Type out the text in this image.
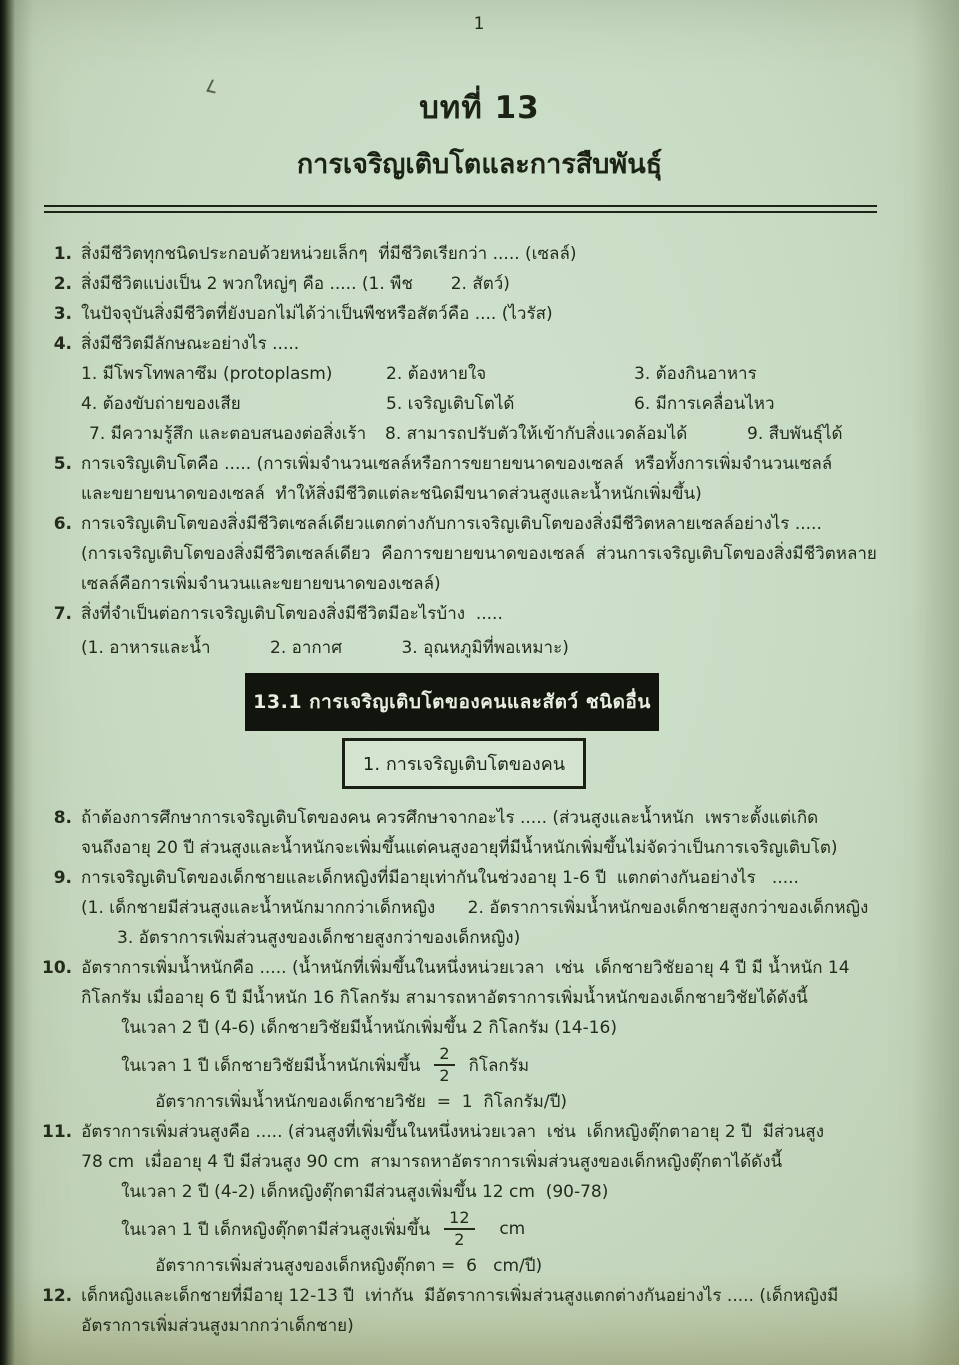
1
บทที่ 13
การเจริญเติบโตและการสืบพันธุ์
1. สิ่งมีชีวิตทุกชนิดประกอบด้วยหน่วยเล็กๆ  ที่มีชีวิตเรียกว่า ..... (เซลล์)
2. สิ่งมีชีวิตแบ่งเป็น 2 พวกใหญ่ๆ คือ ..... (1. พืช       2. สัตว์)
3. ในปัจจุบันสิ่งมีชีวิตที่ยังบอกไม่ได้ว่าเป็นพืชหรือสัตว์คือ .... (ไวรัส)
4. สิ่งมีชีวิตมีลักษณะอย่างไร .....
1. มีโพรโทพลาซึม (protoplasm)	2. ต้องหายใจ	3. ต้องกินอาหาร
4. ต้องขับถ่ายของเสีย	5. เจริญเติบโตได้	6. มีการเคลื่อนไหว
7. มีความรู้สึก และตอบสนองต่อสิ่งเร้า	8. สามารถปรับตัวให้เข้ากับสิ่งแวดล้อมได้	9. สืบพันธุ์ได้
5. การเจริญเติบโตคือ ..... (การเพิ่มจำนวนเซลล์หรือการขยายขนาดของเซลล์  หรือทั้งการเพิ่มจำนวนเซลล์
และขยายขนาดของเซลล์  ทำให้สิ่งมีชีวิตแต่ละชนิดมีขนาดส่วนสูงและน้ำหนักเพิ่มขึ้น)
6. การเจริญเติบโตของสิ่งมีชีวิตเซลล์เดียวแตกต่างกับการเจริญเติบโตของสิ่งมีชีวิตหลายเซลล์อย่างไร .....
(การเจริญเติบโตของสิ่งมีชีวิตเซลล์เดียว  คือการขยายขนาดของเซลล์  ส่วนการเจริญเติบโตของสิ่งมีชีวิตหลาย
เซลล์คือการเพิ่มจำนวนและขยายขนาดของเซลล์)
7. สิ่งที่จำเป็นต่อการเจริญเติบโตของสิ่งมีชีวิตมีอะไรบ้าง  .....
(1. อาหารและน้ำ           2. อากาศ           3. อุณหภูมิที่พอเหมาะ)
13.1 การเจริญเติบโตของคนและสัตว์ ชนิดอื่น
1. การเจริญเติบโตของคน
8. ถ้าต้องการศึกษาการเจริญเติบโตของคน ควรศึกษาจากอะไร ..... (ส่วนสูงและน้ำหนัก  เพราะตั้งแต่เกิด
จนถึงอายุ 20 ปี ส่วนสูงและน้ำหนักจะเพิ่มขึ้นแต่คนสูงอายุที่มีน้ำหนักเพิ่มขึ้นไม่จัดว่าเป็นการเจริญเติบโต)
9. การเจริญเติบโตของเด็กชายและเด็กหญิงที่มีอายุเท่ากันในช่วงอายุ 1-6 ปี  แตกต่างกันอย่างไร   .....
(1. เด็กชายมีส่วนสูงและน้ำหนักมากกว่าเด็กหญิง      2. อัตราการเพิ่มน้ำหนักของเด็กชายสูงกว่าของเด็กหญิง
3. อัตราการเพิ่มส่วนสูงของเด็กชายสูงกว่าของเด็กหญิง)
10. อัตราการเพิ่มน้ำหนักคือ ..... (น้ำหนักที่เพิ่มขึ้นในหนึ่งหน่วยเวลา  เช่น  เด็กชายวิชัยอายุ 4 ปี มี น้ำหนัก 14
กิโลกรัม เมื่ออายุ 6 ปี มีน้ำหนัก 16 กิโลกรัม สามารถหาอัตราการเพิ่มน้ำหนักของเด็กชายวิชัยได้ดังนี้
ในเวลา 2 ปี (4-6) เด็กชายวิชัยมีน้ำหนักเพิ่มขึ้น 2 กิโลกรัม (14-16)
ในเวลา 1 ปี เด็กชายวิชัยมีน้ำหนักเพิ่มขึ้น $\frac{2}{2}$ กิโลกรัม
อัตราการเพิ่มน้ำหนักของเด็กชายวิชัย  =  1  กิโลกรัม/ปี)
11. อัตราการเพิ่มส่วนสูงคือ ..... (ส่วนสูงที่เพิ่มขึ้นในหนึ่งหน่วยเวลา  เช่น  เด็กหญิงตุ๊กตาอายุ 2 ปี  มีส่วนสูง
78 cm  เมื่ออายุ 4 ปี มีส่วนสูง 90 cm  สามารถหาอัตราการเพิ่มส่วนสูงของเด็กหญิงตุ๊กตาได้ดังนี้
ในเวลา 2 ปี (4-2) เด็กหญิงตุ๊กตามีส่วนสูงเพิ่มขึ้น 12 cm  (90-78)
ในเวลา 1 ปี เด็กหญิงตุ๊กตามีส่วนสูงเพิ่มขึ้น $\frac{12}{2}$ cm
อัตราการเพิ่มส่วนสูงของเด็กหญิงตุ๊กตา =  6   cm/ปี)
12. เด็กหญิงและเด็กชายที่มีอายุ 12-13 ปี  เท่ากัน  มีอัตราการเพิ่มส่วนสูงแตกต่างกันอย่างไร ..... (เด็กหญิงมี
อัตราการเพิ่มส่วนสูงมากกว่าเด็กชาย)
